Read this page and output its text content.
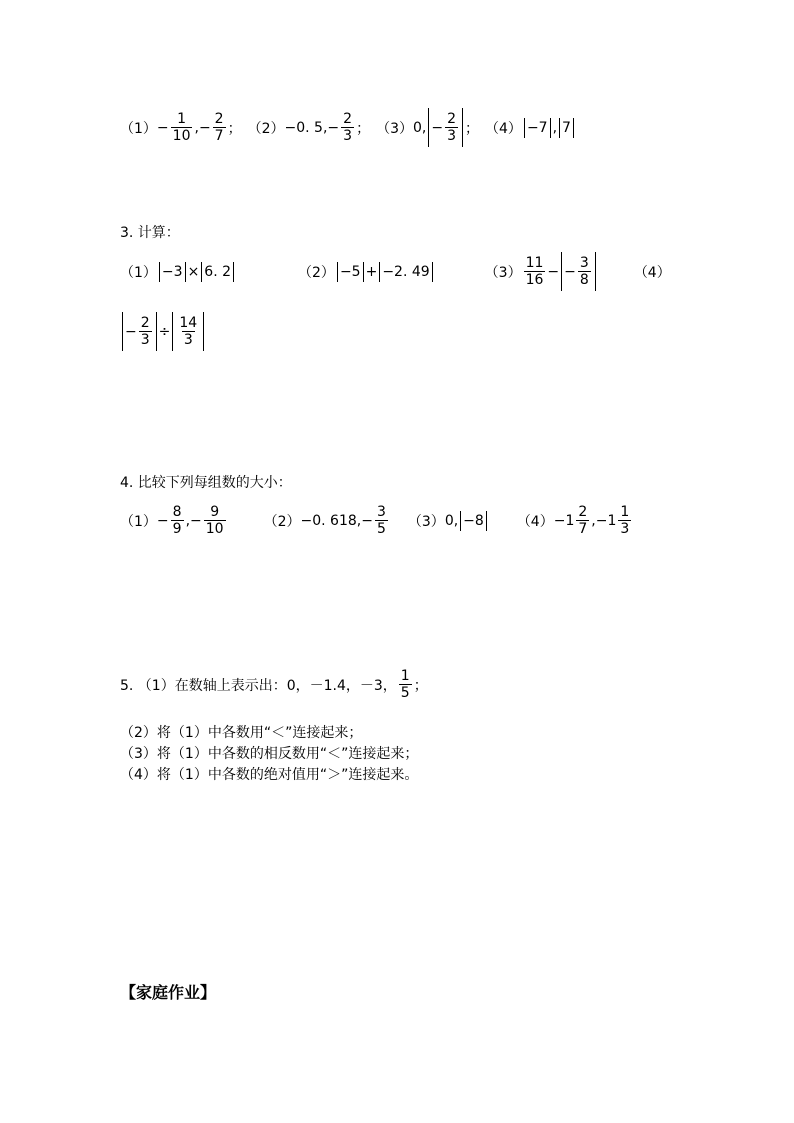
$(1) - \frac{1}{10}$ , − $\frac{2}{7}$ ； （2） −0. 5, − $\frac{2}{3}$ ； （3） 0, − $\frac{2}{3}$ ； （4） −7 , 7
3. 计算：
（1） −3 × 6. 2	（2） −5 + −2. 49	$(3) \frac{11}{16}$ − − $\frac{3}{8}$	（4）
− $\frac{2}{3} \div \frac{14}{3}$
4. 比较下列每组数的大小：
$(1) - \frac{8}{9}$ , − $\frac{9}{10}$	（2） −0. 618, − $\frac{3}{5} (3)$ 0, −8 $(4) -1 \frac{2}{7}$ , $-1 \frac{1}{3}$
5. （1）在数轴上表示出：0，－1.4，－3， $\frac{1}{5}$ ；
（2）将（1）中各数用“＜”连接起来；
（3）将（1）中各数的相反数用“＜”连接起来；
（4）将（1）中各数的绝对值用“＞”连接起来。
【家庭作业】
